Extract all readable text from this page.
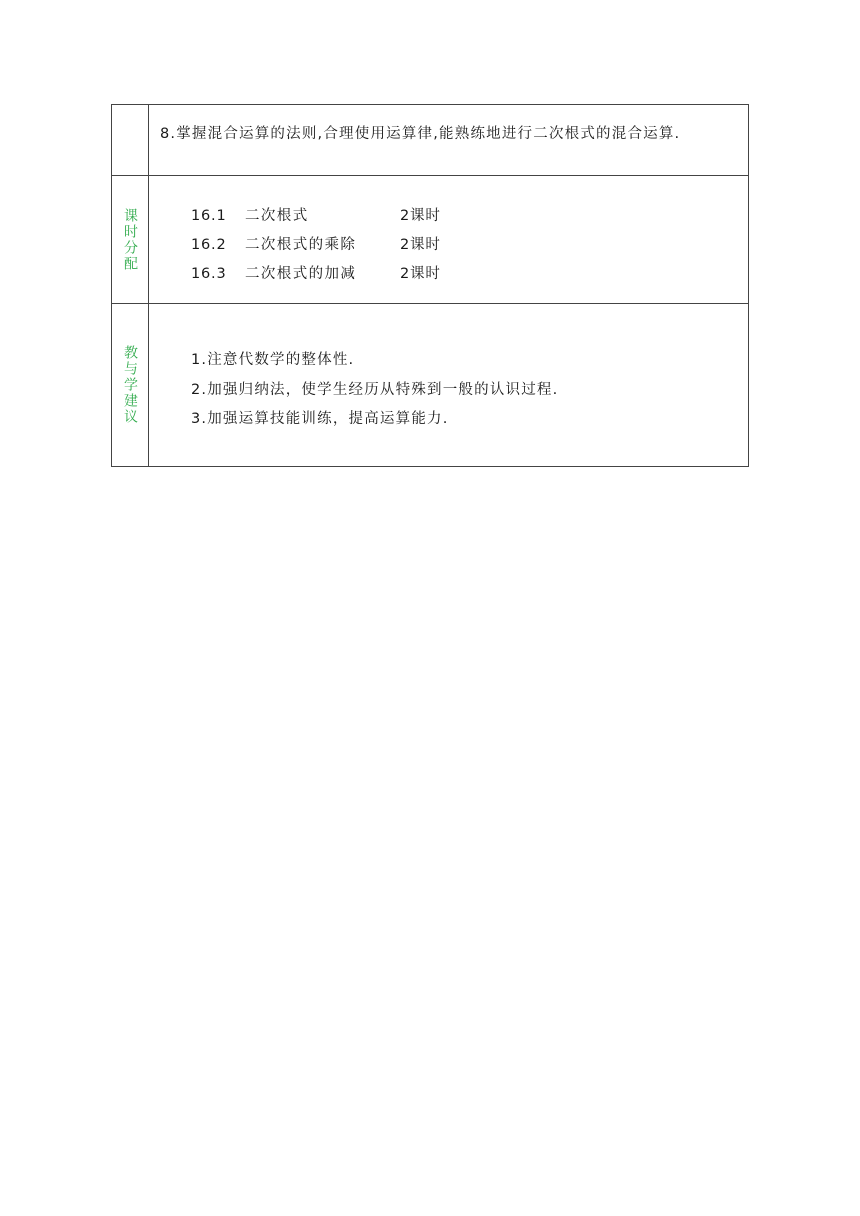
8.掌握混合运算的法则,合理使用运算律,能熟练地进行二次根式的混合运算.
课时分配	16.1 二次根式	2课时
16.2 二次根式的乘除	2课时
16.3 二次根式的加减	2课时
教与学建议	1.注意代数学的整体性.
2.加强归纳法，使学生经历从特殊到一般的认识过程.
3.加强运算技能训练，提高运算能力.
